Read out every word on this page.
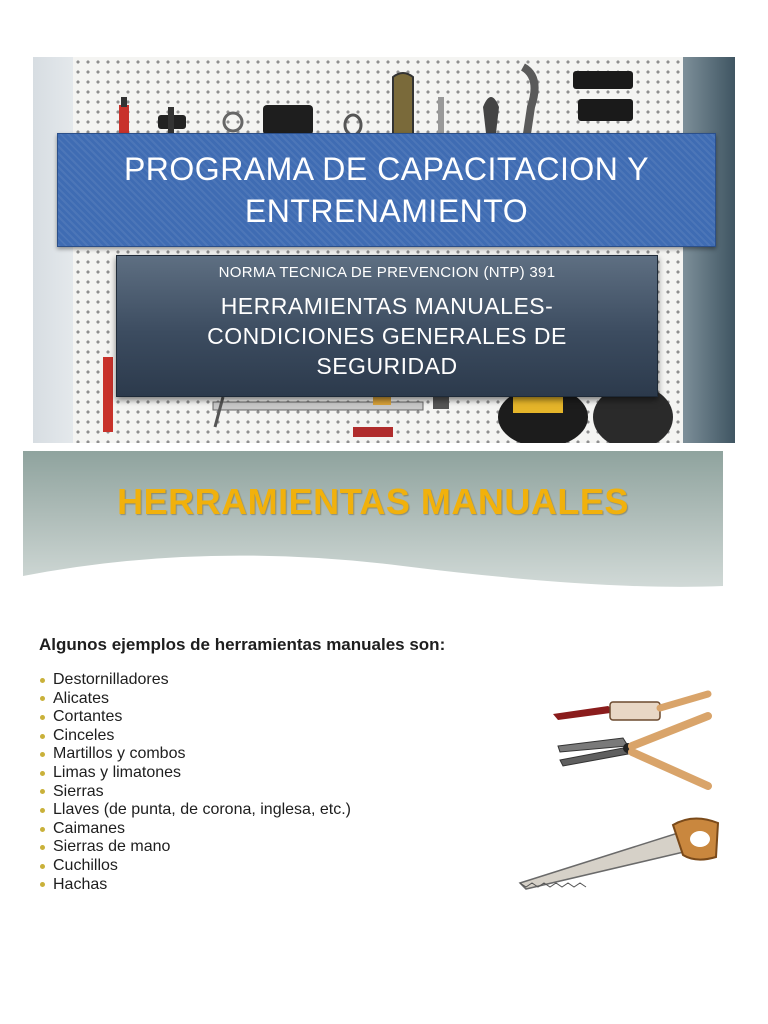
PROGRAMA DE CAPACITACION Y
ENTRENAMIENTO
NORMA TECNICA DE PREVENCION (NTP) 391
HERRAMIENTAS MANUALES-
CONDICIONES GENERALES DE
SEGURIDAD
HERRAMIENTAS MANUALES
Algunos ejemplos de herramientas manuales son:
Destornilladores
Alicates
Cortantes
Cinceles
Martillos y combos
Limas y limatones
Sierras
Llaves (de punta, de corona, inglesa, etc.)
Caimanes
Sierras de mano
Cuchillos
Hachas
